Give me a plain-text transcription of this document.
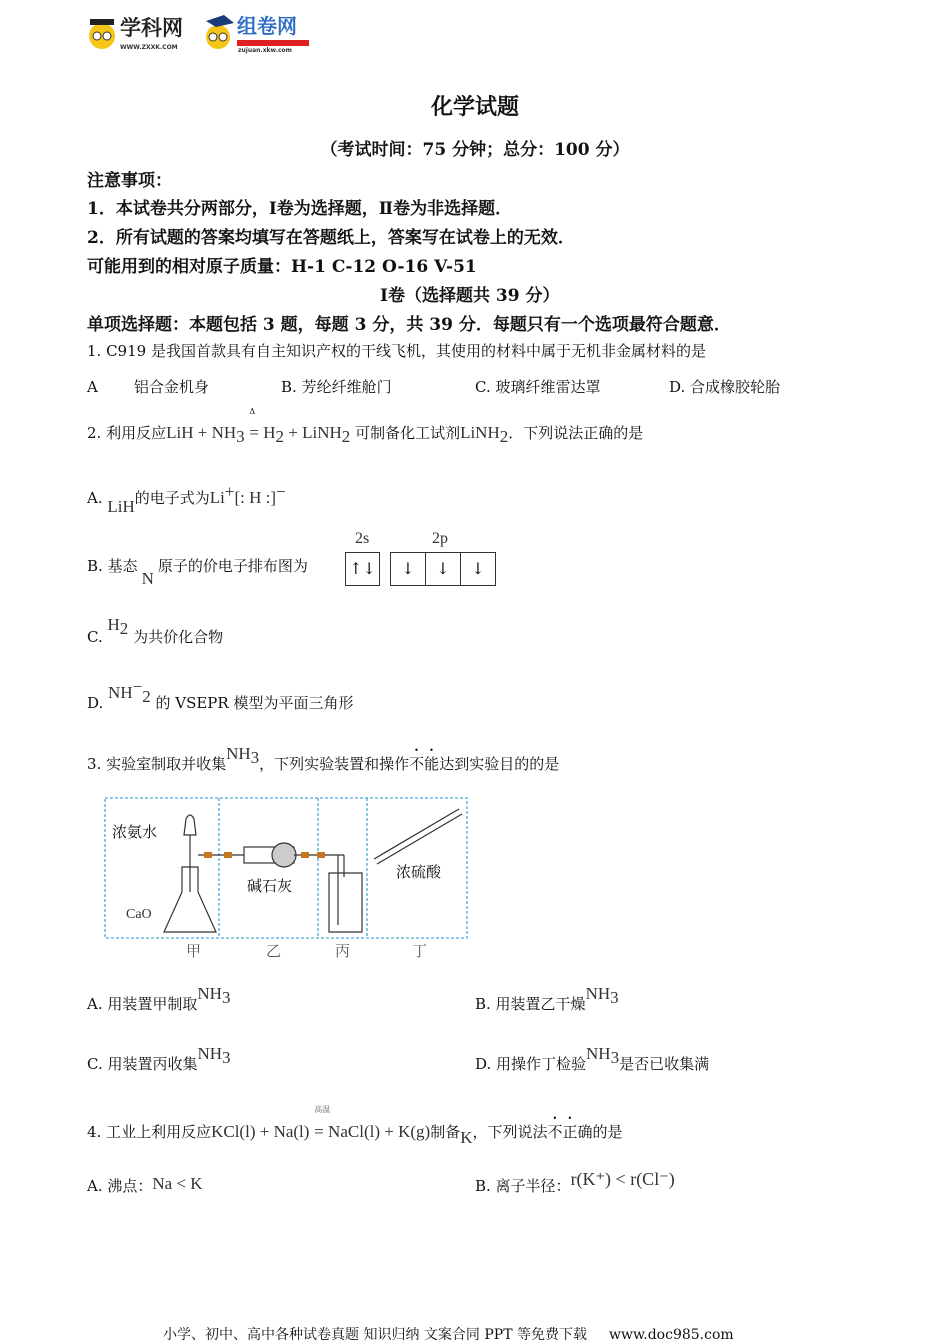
学科网
WWW.ZXXK.COM
组卷网
zujuan.xkw.com
化学试题
（考试时间：75 分钟；总分：100 分）
注意事项：
1．本试卷共分两部分，Ⅰ卷为选择题，Ⅱ卷为非选择题．
2．所有试题的答案均填写在答题纸上，答案写在试卷上的无效．
可能用到的相对原子质量：H-1 C-12 O-16 V-51
Ⅰ卷（选择题共 39 分）
单项选择题：本题包括 3 题，每题 3 分，共 39 分．每题只有一个选项最符合题意．
1. C919 是我国首款具有自主知识产权的干线飞机，其使用的材料中属于无机非金属材料的是
A 铝合金机身	B. 芳纶纤维舱门	C. 玻璃纤维雷达罩	D. 合成橡胶轮胎
2. 利用反应LiH + $NH_3$
Δ
= $H_2$ + LiNH$_2$ 可制备化工试剂LiNH$_2$．下列说法正确的是
A. LiH的电子式为Li+[: H :]−
B. 基态N原子的价电子排布图为
2s	2p
↑↓	↓	↓	↓
C. $H_2$ 为共价化合物
D. $NH^-_2$ 的 VSEPR 模型为平面三角形
3. 实验室制取并收集$NH_3$，下列实验装置和操作不能达到实验目的的是
浓氨水
CaO
碱石灰
浓硫酸
甲	乙	丙	丁
A. 用装置甲制取$NH_3$	B. 用装置乙干燥$NH_3$
C. 用装置丙收集$NH_3$	D. 用操作丁检验$NH_3$是否已收集满
4. 工业上利用反应KCl(l) + Na(l)
高温
= NaCl(l) + K(g)制备K，下列说法不正确的是
A. 沸点：Na < K	B. 离子半径：r(K⁺) < r(Cl⁻)
小学、初中、高中各种试卷真题 知识归纳 文案合同 PPT 等免费下载 www.doc985.com
